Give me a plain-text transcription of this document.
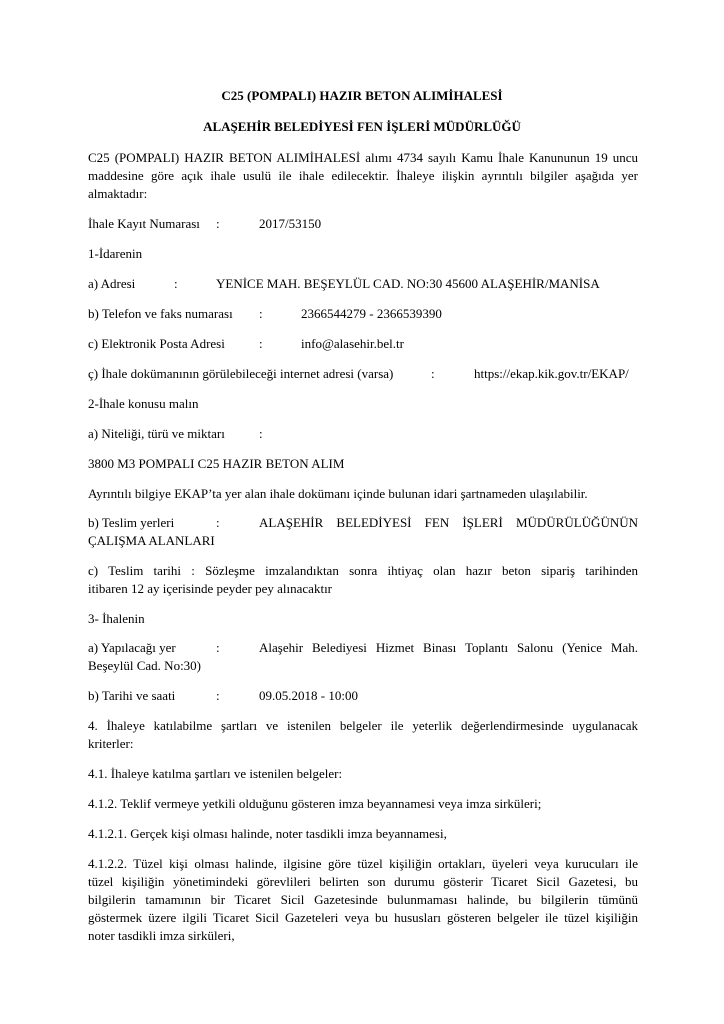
C25 (POMPALI) HAZIR BETON ALIMİHALESİ
ALAŞEHİR BELEDİYESİ FEN İŞLERİ MÜDÜRLÜĞÜ
C25 (POMPALI) HAZIR BETON ALIMİHALESİ alımı 4734 sayılı Kamu İhale Kanununun 19 uncu
maddesine göre açık ihale usulü ile ihale edilecektir. İhaleye ilişkin ayrıntılı bilgiler aşağıda yer
almaktadır:
İhale Kayıt Numarası :	2017/53150
1-İdarenin
a) Adresi	:	YENİCE MAH. BEŞEYLÜL CAD. NO:30 45600 ALAŞEHİR/MANİSA
b) Telefon ve faks numarası :	2366544279 - 2366539390
c) Elektronik Posta Adresi	:	info@alasehir.bel.tr
ç) İhale dokümanının görülebileceği internet adresi (varsa)	:	https://ekap.kik.gov.tr/EKAP/
2-İhale konusu malın
a) Niteliği, türü ve miktarı	:
3800 M3 POMPALI C25 HAZIR BETON ALIM
Ayrıntılı bilgiye EKAP’ta yer alan ihale dokümanı içinde bulunan idari şartnameden ulaşılabilir.
b) Teslim yerleri	:	ALAŞEHİR BELEDİYESİ FEN İŞLERİ MÜDÜRÜLÜĞÜNÜN
ÇALIŞMA ALANLARI
c) Teslim tarihi : Sözleşme imzalandıktan sonra ihtiyaç olan hazır beton sipariş tarihinden
itibaren 12 ay içerisinde peyder pey alınacaktır
3- İhalenin
a) Yapılacağı yer	:	Alaşehir Belediyesi Hizmet Binası Toplantı Salonu (Yenice Mah.
Beşeylül Cad. No:30)
b) Tarihi ve saati	:	09.05.2018 - 10:00
4. İhaleye katılabilme şartları ve istenilen belgeler ile yeterlik değerlendirmesinde uygulanacak
kriterler:
4.1. İhaleye katılma şartları ve istenilen belgeler:
4.1.2. Teklif vermeye yetkili olduğunu gösteren imza beyannamesi veya imza sirküleri;
4.1.2.1. Gerçek kişi olması halinde, noter tasdikli imza beyannamesi,
4.1.2.2. Tüzel kişi olması halinde, ilgisine göre tüzel kişiliğin ortakları, üyeleri veya kurucuları ile
tüzel kişiliğin yönetimindeki görevlileri belirten son durumu gösterir Ticaret Sicil Gazetesi, bu
bilgilerin tamamının bir Ticaret Sicil Gazetesinde bulunmaması halinde, bu bilgilerin tümünü
göstermek üzere ilgili Ticaret Sicil Gazeteleri veya bu hususları gösteren belgeler ile tüzel kişiliğin
noter tasdikli imza sirküleri,
